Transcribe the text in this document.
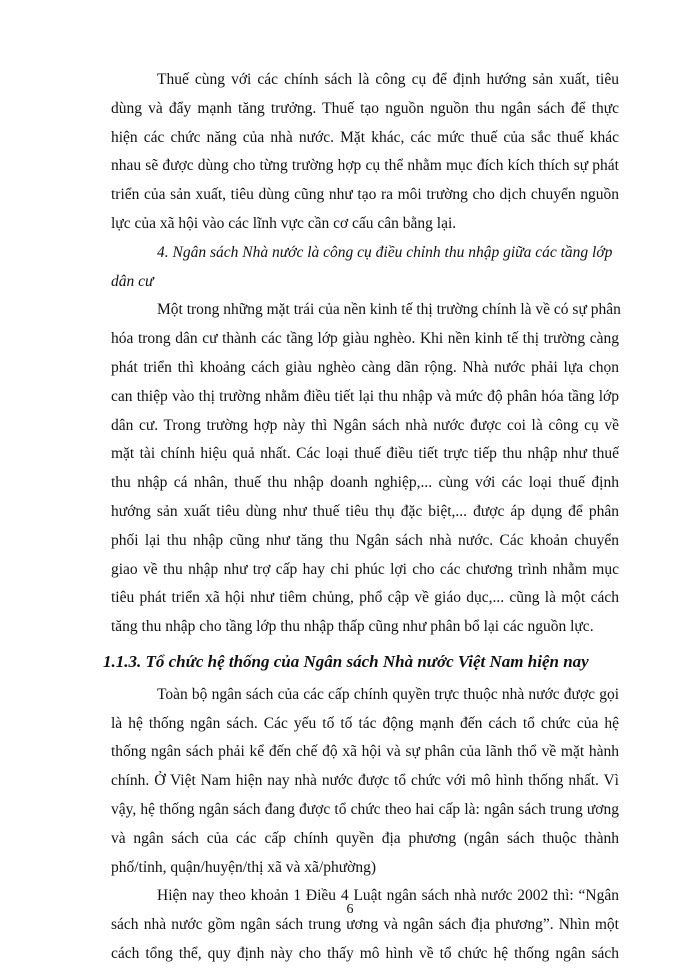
Thuế cùng với các chính sách là công cụ để định hướng sản xuất, tiêu
dùng và đẩy mạnh tăng trưởng. Thuế tạo nguồn nguồn thu ngân sách để thực
hiện các chức năng của nhà nước. Mặt khác, các mức thuế của sắc thuế khác
nhau sẽ được dùng cho từng trường hợp cụ thể nhằm mục đích kích thích sự phát
triển của sản xuất, tiêu dùng cũng như tạo ra môi trường cho dịch chuyển nguồn
lực của xã hội vào các lĩnh vực cần cơ cấu cân bằng lại.
4. Ngân sách Nhà nước là công cụ điều chỉnh thu nhập giữa các tầng lớp
dân cư
Một trong những mặt trái của nền kinh tế thị trường chính là về có sự phân
hóa trong dân cư thành các tầng lớp giàu nghèo. Khi nền kinh tế thị trường càng
phát triển thì khoảng cách giàu nghèo càng dãn rộng. Nhà nước phải lựa chọn
can thiệp vào thị trường nhằm điều tiết lại thu nhập và mức độ phân hóa tầng lớp
dân cư. Trong trường hợp này thì Ngân sách nhà nước được coi là công cụ về
mặt tài chính hiệu quả nhất. Các loại thuế điều tiết trực tiếp thu nhập như thuế
thu nhập cá nhân, thuế thu nhập doanh nghiệp,... cùng với các loại thuế định
hướng sản xuất tiêu dùng như thuế tiêu thụ đặc biệt,... được áp dụng để phân
phối lại thu nhập cũng như tăng thu Ngân sách nhà nước. Các khoản chuyển
giao về thu nhập như trợ cấp hay chi phúc lợi cho các chương trình nhằm mục
tiêu phát triển xã hội như tiêm chủng, phổ cập về giáo dục,... cũng là một cách
tăng thu nhập cho tầng lớp thu nhập thấp cũng như phân bổ lại các nguồn lực.
1.1.3. Tổ chức hệ thống của Ngân sách Nhà nước Việt Nam hiện nay
Toàn bộ ngân sách của các cấp chính quyền trực thuộc nhà nước được gọi
là hệ thống ngân sách. Các yếu tố tố tác động mạnh đến cách tổ chức của hệ
thống ngân sách phải kể đến chế độ xã hội và sự phân của lãnh thổ về mặt hành
chính. Ở Việt Nam hiện nay nhà nước được tổ chức với mô hình thống nhất. Vì
vậy, hệ thống ngân sách đang được tổ chức theo hai cấp là: ngân sách trung ương
và ngân sách của các cấp chính quyền địa phương (ngân sách thuộc thành
phố/tỉnh, quận/huyện/thị xã và xã/phường)
Hiện nay theo khoản 1 Điều 4 Luật ngân sách nhà nước 2002 thì: “Ngân
sách nhà nước gồm ngân sách trung ương và ngân sách địa phương”. Nhìn một
cách tổng thể, quy định này cho thấy mô hình về tổ chức hệ thống ngân sách
6
